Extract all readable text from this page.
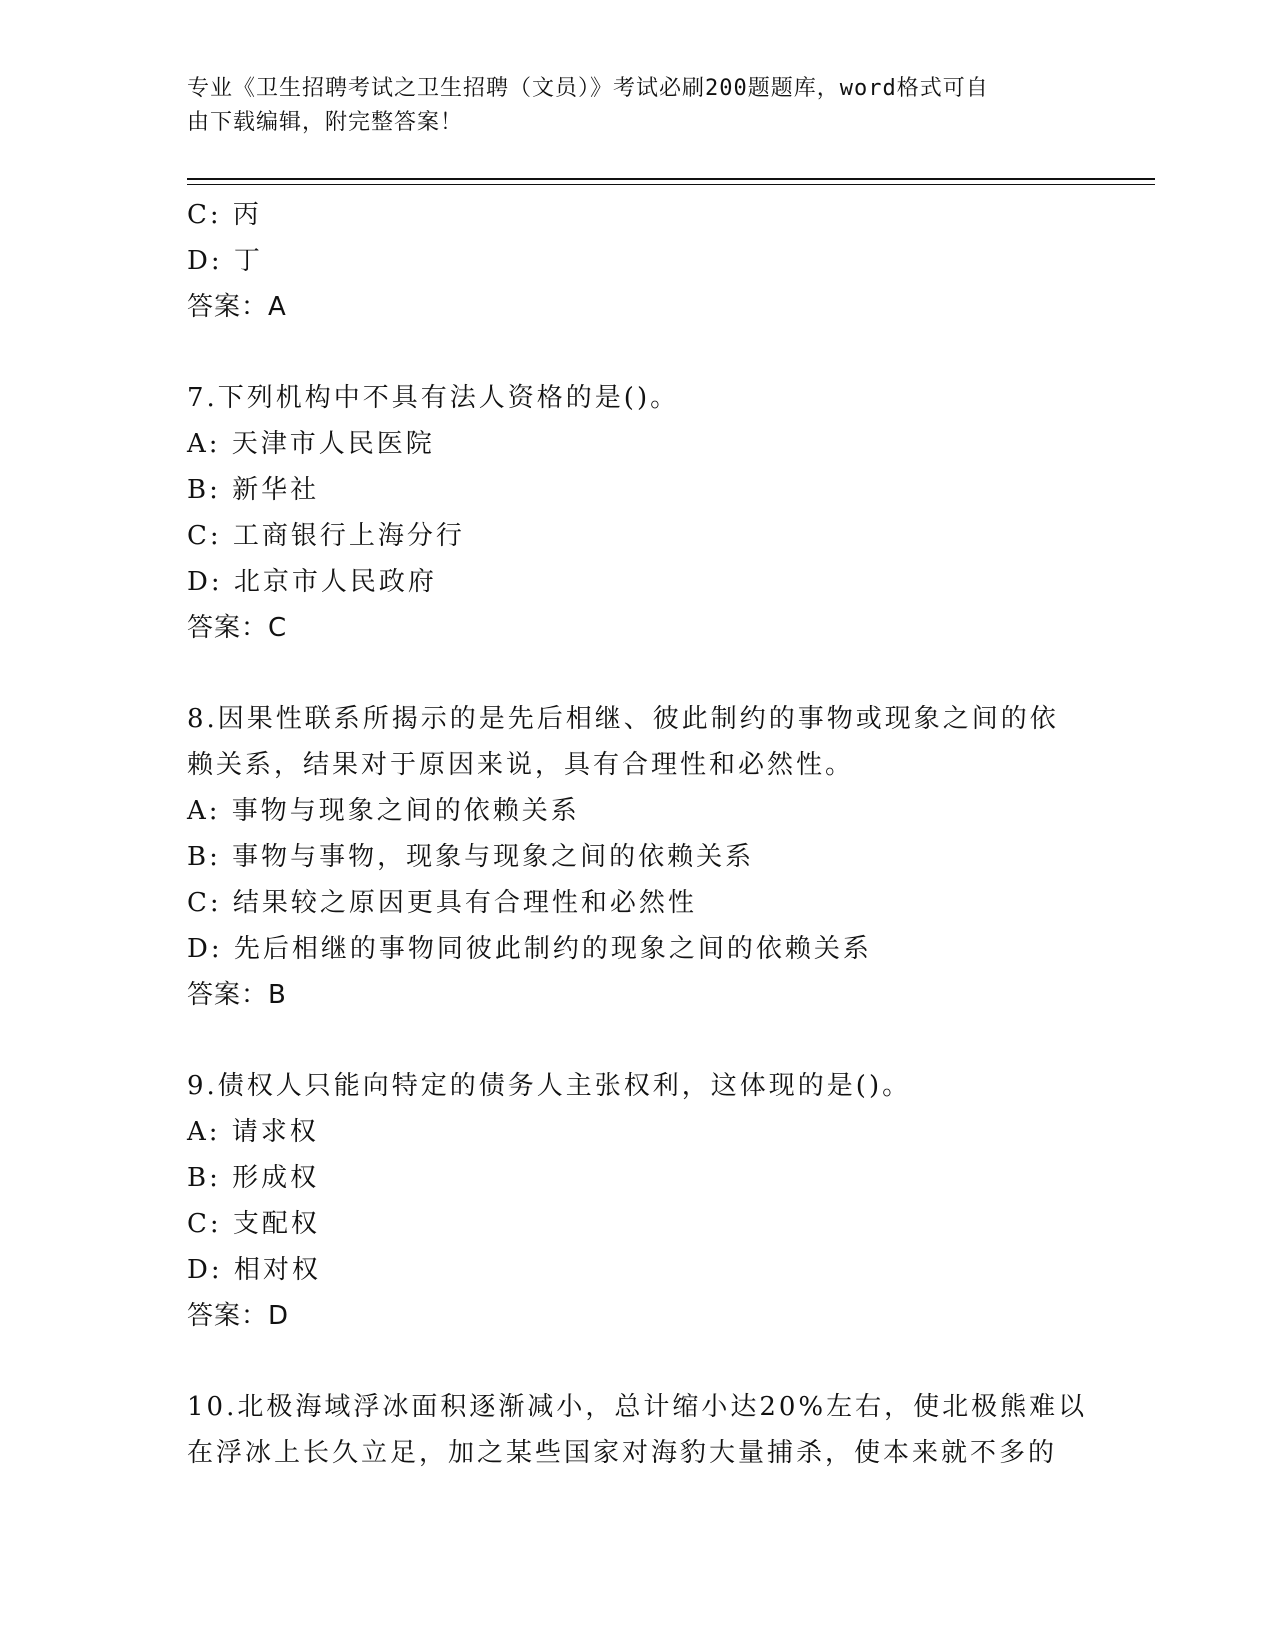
专业《卫生招聘考试之卫生招聘（文员）》考试必刷200题题库，word格式可自
由下载编辑，附完整答案！
C: 丙
D: 丁
答案：A
7.下列机构中不具有法人资格的是()。
A: 天津市人民医院
B: 新华社
C: 工商银行上海分行
D: 北京市人民政府
答案：C
8.因果性联系所揭示的是先后相继、彼此制约的事物或现象之间的依
赖关系，结果对于原因来说，具有合理性和必然性。
A: 事物与现象之间的依赖关系
B: 事物与事物，现象与现象之间的依赖关系
C: 结果较之原因更具有合理性和必然性
D: 先后相继的事物同彼此制约的现象之间的依赖关系
答案：B
9.债权人只能向特定的债务人主张权利，这体现的是()。
A: 请求权
B: 形成权
C: 支配权
D: 相对权
答案：D
10.北极海域浮冰面积逐渐减小，总计缩小达20%左右，使北极熊难以
在浮冰上长久立足，加之某些国家对海豹大量捕杀，使本来就不多的
